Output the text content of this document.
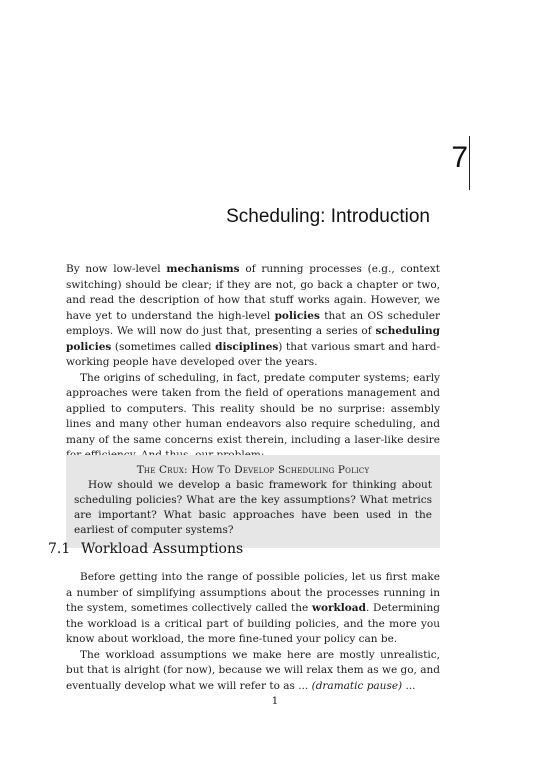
7
Scheduling: Introduction

By now low-level mechanisms of running processes (e.g., context switching) should be clear; if they are not, go back a chapter or two, and read the description of how that stuff works again. However, we have yet to understand the high-level policies that an OS scheduler employs. We will now do just that, presenting a series of scheduling policies (sometimes called disciplines) that various smart and hard-working people have developed over the years.

The origins of scheduling, in fact, predate computer systems; early approaches were taken from the field of operations management and applied to computers. This reality should be no surprise: assembly lines and many other human endeavors also require scheduling, and many of the same concerns exist therein, including a laser-like desire

The Crux: How To Develop Scheduling Policy
How should we develop a basic framework for thinking about scheduling policies? What are the key assumptions? What metrics are important? What basic approaches have been used in the earliest of computer systems?
7.1 Workload Assumptions

Before getting into the range of possible policies, let us first make a number of simplifying assumptions about the processes running in the system, sometimes collectively called the workload. Determining the workload is a critical part of building policies, and the more you know about workload, the more fine-tuned your policy can be.

The workload assumptions we make here are mostly unrealistic, but that is alright (for now), because we will relax them as we go, and eventually develop what we will refer to as ... (dramatic pause) ...

1
